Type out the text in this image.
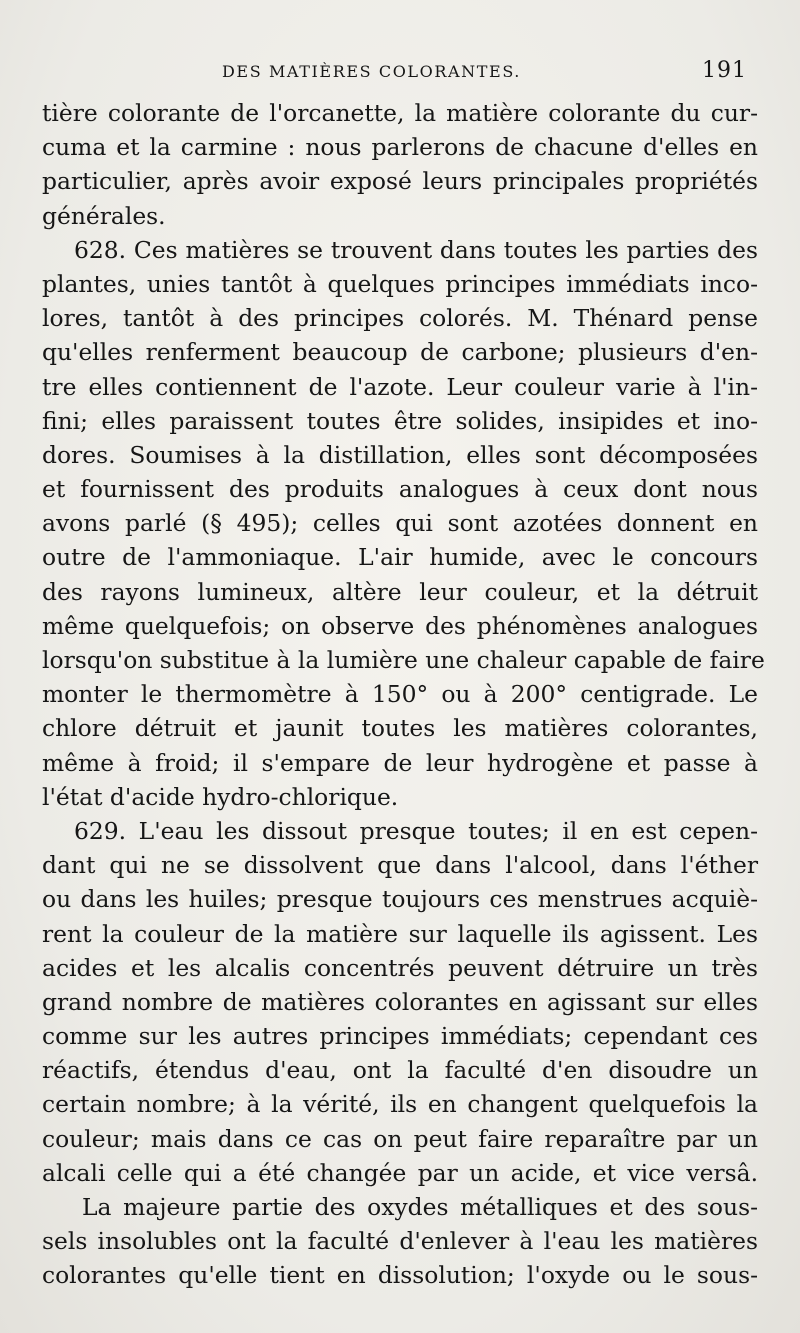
DES MATIÈRES COLORANTES.	191
tière colorante de l'orcanette, la matière colorante du cur-
cuma et la carmine : nous parlerons de chacune d'elles en
particulier, après avoir exposé leurs principales propriétés
générales.
628. Ces matières se trouvent dans toutes les parties des
plantes, unies tantôt à quelques principes immédiats inco-
lores, tantôt à des principes colorés. M. Thénard pense
qu'elles renferment beaucoup de carbone; plusieurs d'en-
tre elles contiennent de l'azote. Leur couleur varie à l'in-
fini; elles paraissent toutes être solides, insipides et ino-
dores. Soumises à la distillation, elles sont décomposées
et fournissent des produits analogues à ceux dont nous
avons parlé (§ 495); celles qui sont azotées donnent en
outre de l'ammoniaque. L'air humide, avec le concours
des rayons lumineux, altère leur couleur, et la détruit
même quelquefois; on observe des phénomènes analogues
lorsqu'on substitue à la lumière une chaleur capable de faire
monter le thermomètre à 150° ou à 200° centigrade. Le
chlore détruit et jaunit toutes les matières colorantes,
même à froid; il s'empare de leur hydrogène et passe à
l'état d'acide hydro-chlorique.
629. L'eau les dissout presque toutes; il en est cepen-
dant qui ne se dissolvent que dans l'alcool, dans l'éther
ou dans les huiles; presque toujours ces menstrues acquiè-
rent la couleur de la matière sur laquelle ils agissent. Les
acides et les alcalis concentrés peuvent détruire un très
grand nombre de matières colorantes en agissant sur elles
comme sur les autres principes immédiats; cependant ces
réactifs, étendus d'eau, ont la faculté d'en disoudre un
certain nombre; à la vérité, ils en changent quelquefois la
couleur; mais dans ce cas on peut faire reparaître par un
alcali celle qui a été changée par un acide, et vice versâ.
La majeure partie des oxydes métalliques et des sous-
sels insolubles ont la faculté d'enlever à l'eau les matières
colorantes qu'elle tient en dissolution; l'oxyde ou le sous-
